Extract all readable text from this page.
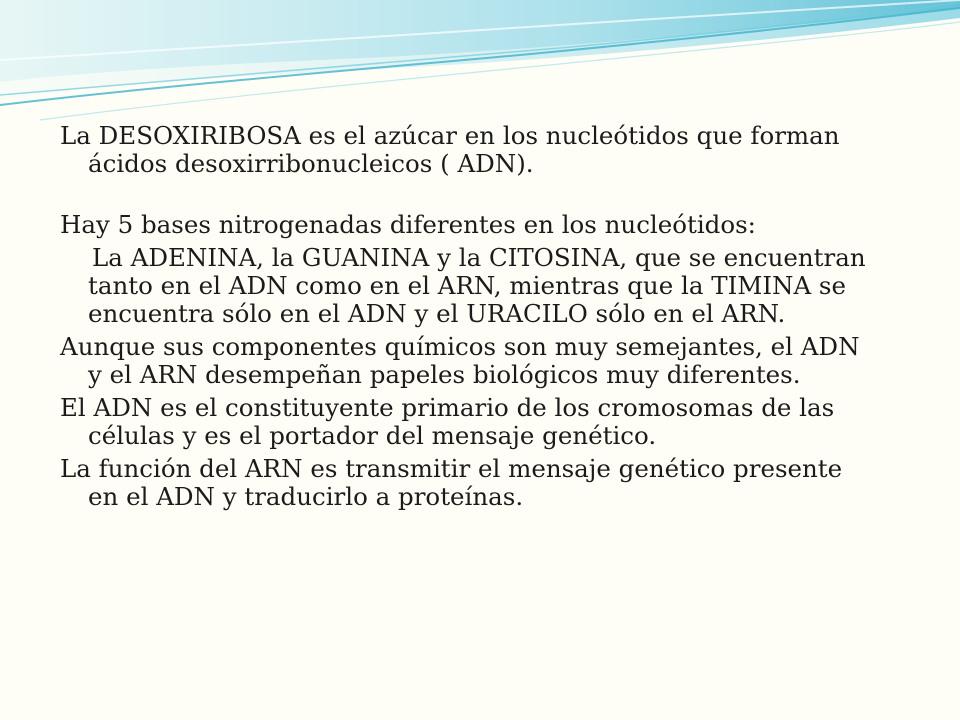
La DESOXIRIBOSA es el azúcar en los nucleótidos que forman ácidos desoxirribonucleicos ( ADN).

Hay 5 bases nitrogenadas diferentes en los nucleótidos:

La ADENINA, la GUANINA y la CITOSINA, que se encuentran tanto en el ADN como en el ARN, mientras que la TIMINA se encuentra sólo en el ADN y el URACILO sólo en el ARN.

Aunque sus componentes químicos son muy semejantes, el ADN y el ARN desempeñan papeles biológicos muy diferentes.

El ADN es el constituyente primario de los cromosomas de las células y es el portador del mensaje genético.

La función del ARN es transmitir el mensaje genético presente en el ADN y traducirlo a proteínas.
